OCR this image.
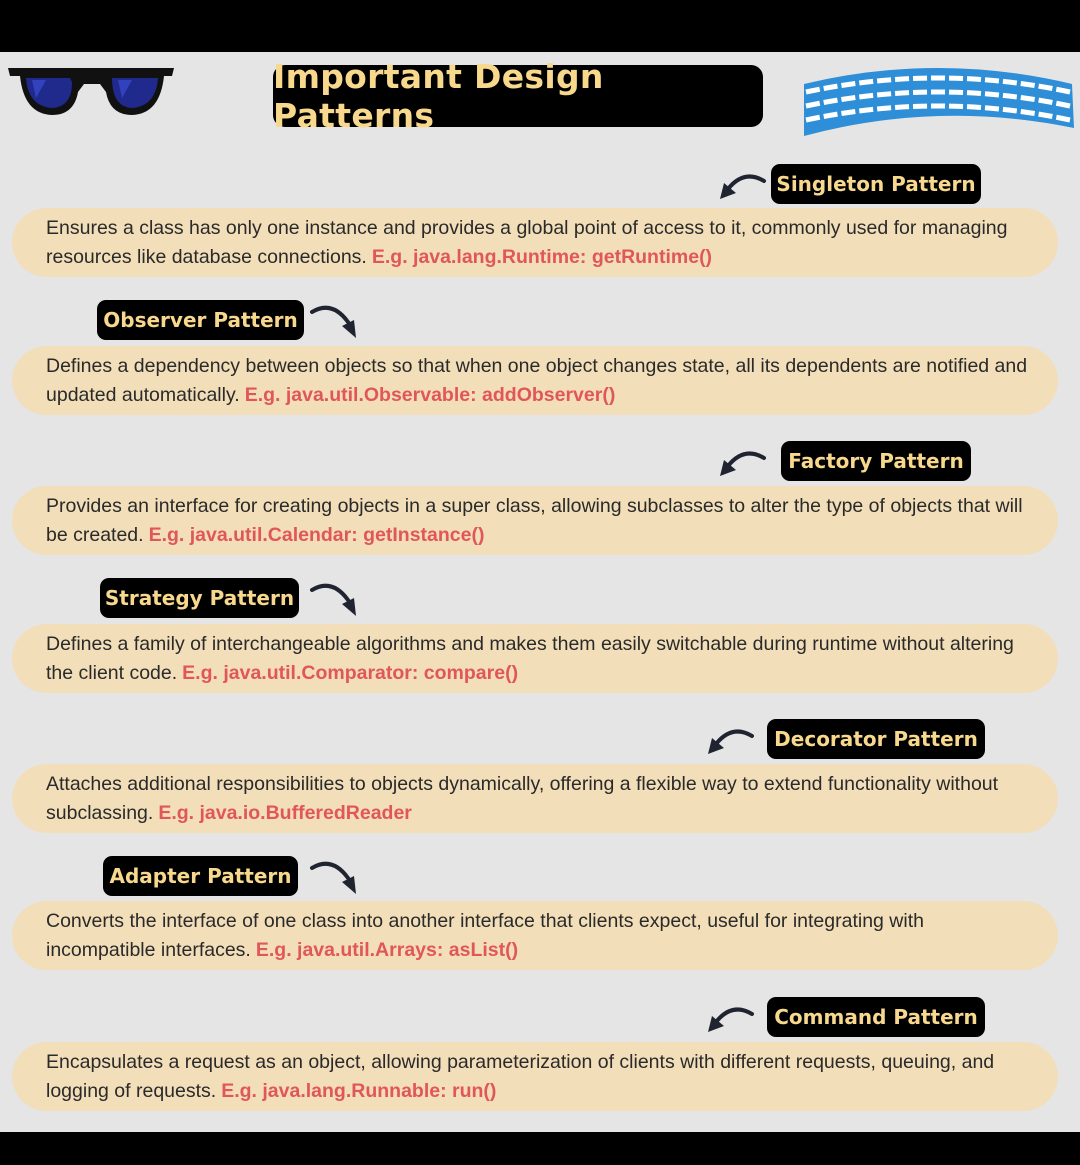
Important Design Patterns
Singleton Pattern

Ensures a class has only one instance and provides a global point of access to it, commonly used for managing resources like database connections. E.g. java.lang.Runtime: getRuntime()

Observer Pattern

Defines a dependency between objects so that when one object changes state, all its dependents are notified and updated automatically. E.g. java.util.Observable: addObserver()

Factory Pattern

Provides an interface for creating objects in a super class, allowing subclasses to alter the type of objects that will be created. E.g. java.util.Calendar: getInstance()

Strategy Pattern

Defines a family of interchangeable algorithms and makes them easily switchable during runtime without altering the client code. E.g. java.util.Comparator: compare()

Decorator Pattern

Attaches additional responsibilities to objects dynamically, offering a flexible way to extend functionality without subclassing. E.g. java.io.BufferedReader

Adapter Pattern

Converts the interface of one class into another interface that clients expect, useful for integrating with incompatible interfaces. E.g. java.util.Arrays: asList()

Command Pattern

Encapsulates a request as an object, allowing parameterization of clients with different requests, queuing, and logging of requests. E.g. java.lang.Runnable: run()
